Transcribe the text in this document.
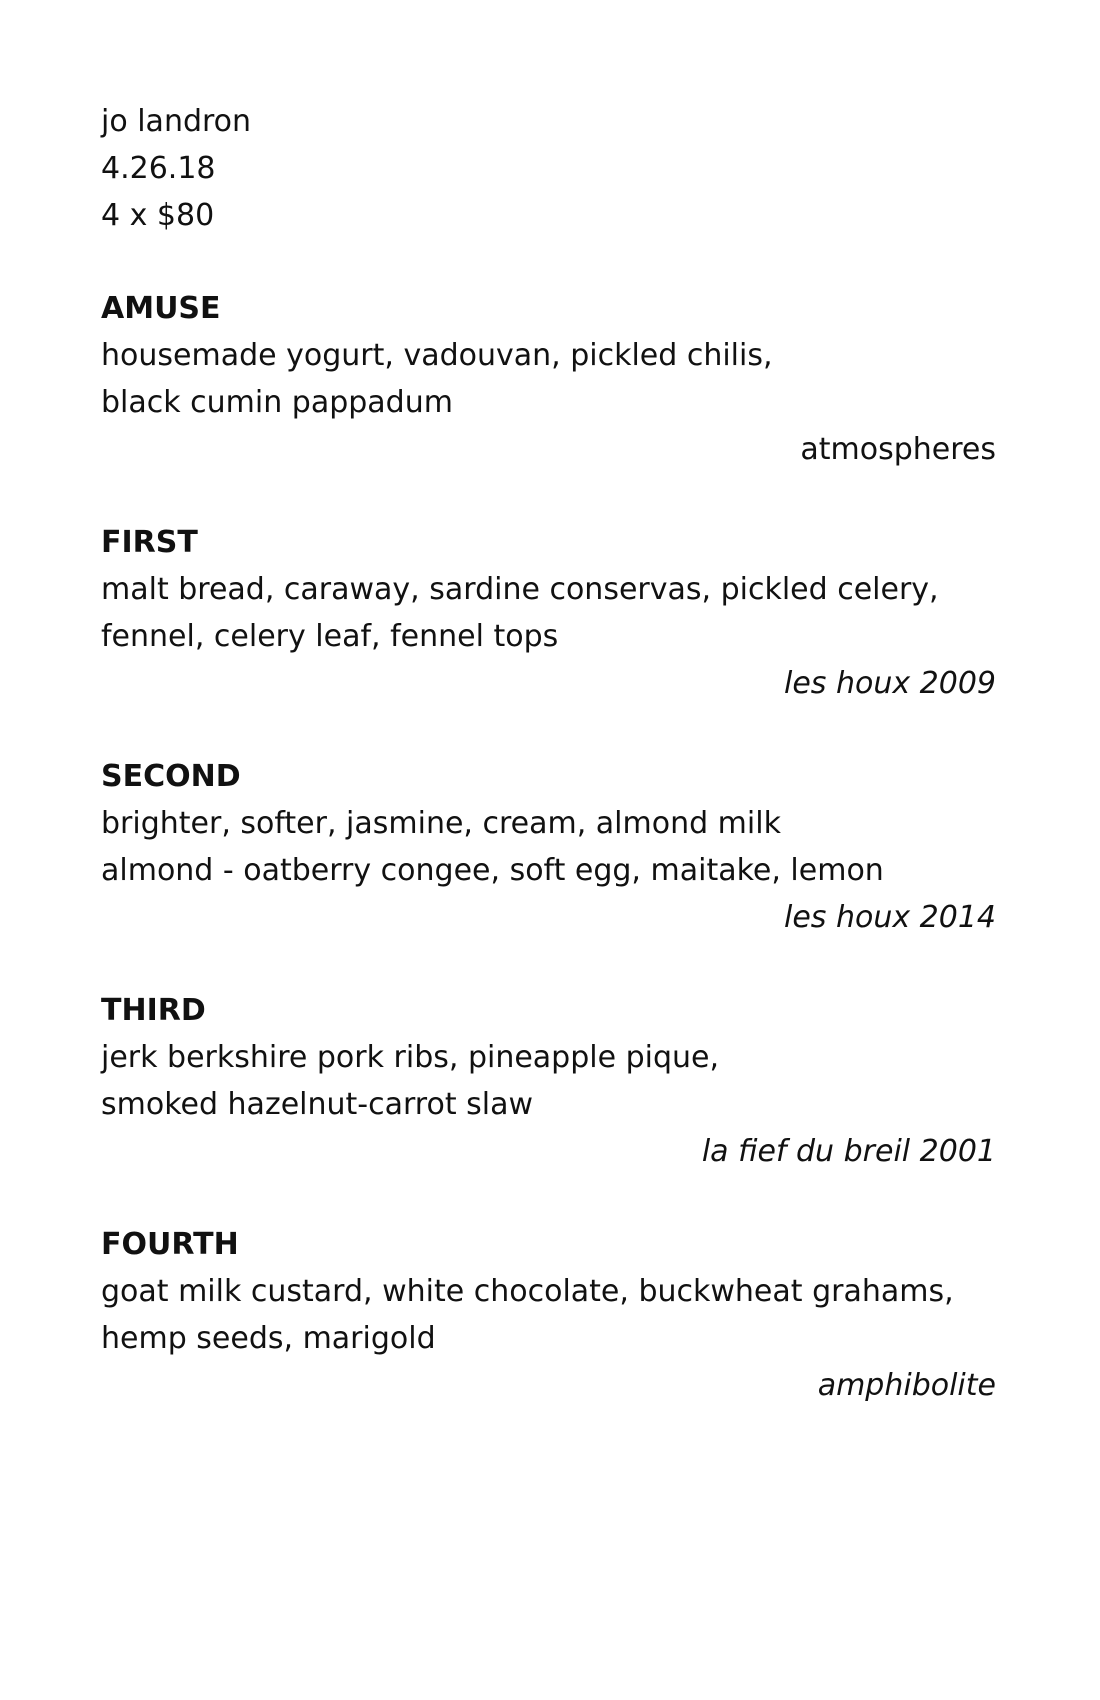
jo landron
4.26.18
4 x $80
AMUSE
housemade yogurt, vadouvan, pickled chilis,
black cumin pappadum
atmospheres
FIRST
malt bread, caraway, sardine conservas, pickled celery,
fennel, celery leaf, fennel tops
les houx 2009
SECOND
brighter, softer, jasmine, cream, almond milk
almond - oatberry congee, soft egg, maitake, lemon
les houx 2014
THIRD
jerk berkshire pork ribs, pineapple pique,
smoked hazelnut-carrot slaw
la fief du breil 2001
FOURTH
goat milk custard, white chocolate, buckwheat grahams,
hemp seeds, marigold
amphibolite
